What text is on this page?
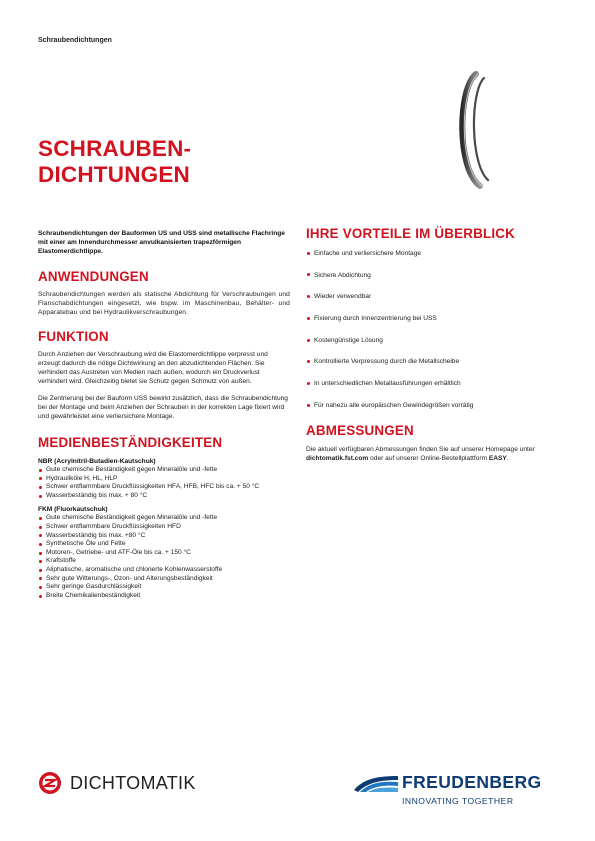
Schraubendichtungen
SCHRAUBEN-
DICHTUNGEN

Schraubendichtungen der Bauformen US und USS sind metallische Flachringe mit einer am Innendurchmesser anvulkanisierten trapezförmigen Elastomerdichtlippe.

ANWENDUNGEN

Schraubendichtungen werden als statische Abdichtung für Verschraubungen und Flanschabdichtungen eingesetzt, wie bspw. im Maschinenbau, Behälter- und Apparatebau und bei Hydraulikverschraubungen.

FUNKTION

Durch Anziehen der Verschraubung wird die Elastomerdichtlippe verpresst und erzeugt dadurch die nötige Dichtwirkung an den abzudichtenden Flächen. Sie verhindert das Austreten von Medien nach außen, wodurch ein Druckverlust verhindert wird. Gleichzeitig bietet sie Schutz gegen Schmutz von außen.

Die Zentrierung bei der Bauform USS bewirkt zusätzlich, dass die Schraubendichtung bei der Montage und beim Anziehen der Schrauben in der korrekten Lage fixiert wird und gewährleistet eine verliersichere Montage.

MEDIENBESTÄNDIGKEITEN
NBR (Acrylnitril-Butadien-Kautschuk)
Gute chemische Beständigkeit gegen Mineralöle und -fette
Hydrauliköle H, HL, HLP
Schwer entflammbare Druckflüssigkeiten HFA, HFB, HFC bis ca. + 50 °C
Wasserbeständig bis max. + 80 °C
FKM (Fluorkautschuk)
Gute chemische Beständigkeit gegen Mineralöle und -fette
Schwer entflammbare Druckflüssigkeiten HFD
Wasserbeständig bis max. +80 °C
Synthetische Öle und Fette
Motoren-, Getriebe- und ATF-Öle bis ca. + 150 °C
Kraftstoffe
Aliphatische, aromatische und chlorierte Kohlenwasserstoffe
Sehr gute Witterungs-, Ozon- und Alterungsbeständigkeit
Sehr geringe Gasdurchlässigkeit
Breite Chemikalienbeständigkeit
IHRE VORTEILE IM ÜBERBLICK
Einfache und verliersichere Montage
Sichere Abdichtung
Wieder verwendbar
Fixierung durch Innenzentrierung bei USS
Kostengünstige Lösung
Kontrollierte Verpressung durch die Metallscheibe
In unterschiedlichen Metallausführungen erhältlich
Für nahezu alle europäischen Gewindegrößen vorrätig
ABMESSUNGEN

Die aktuell verfügbaren Abmessungen finden Sie auf unserer Homepage unter dichtomatik.fst.com oder auf unserer Online-Bestellplattform EASY.

DICHTOMATIK	FREUDENBERG
INNOVATING TOGETHER
